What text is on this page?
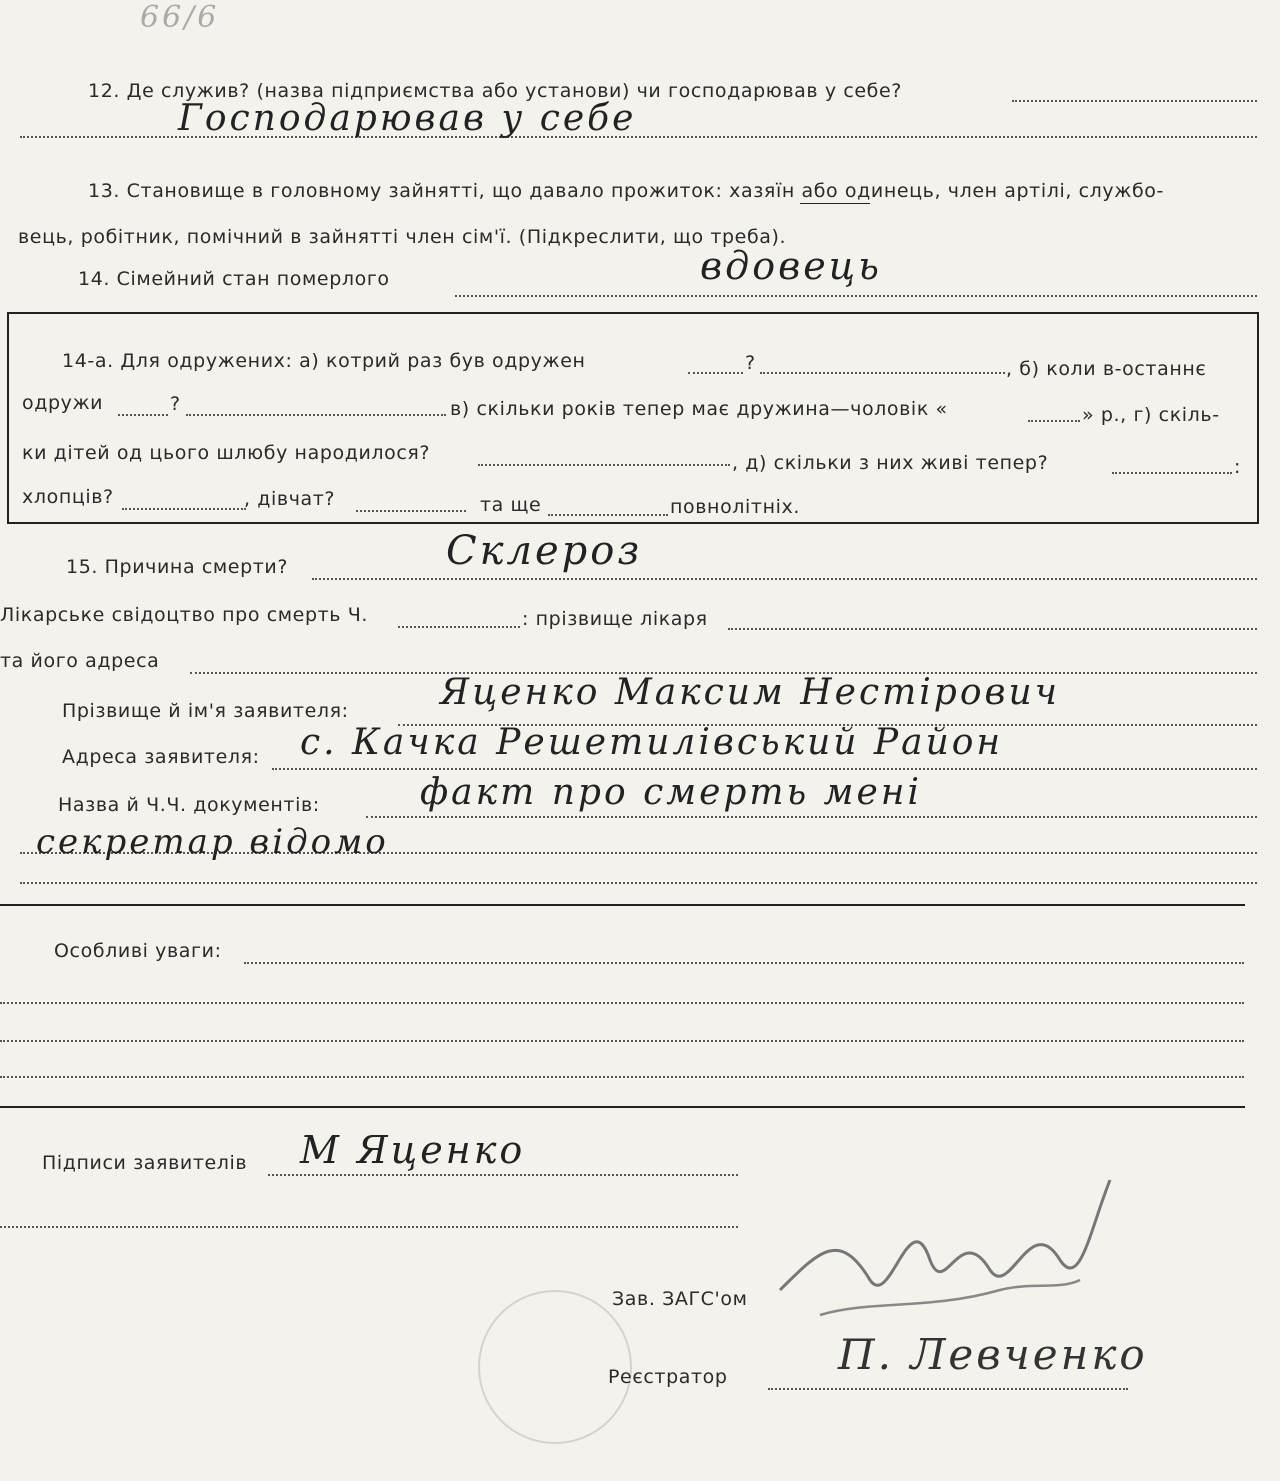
66/6
12. Де служив? (назва підприємства або установи) чи господарював у себе?
Господарював у себе
13. Становище в головному зайнятті, що давало прожиток: хазяїн або одинець, член артілі, службо-
вець, робітник, помічний в зайнятті член сім'ї. (Підкреслити, що треба).
14. Сімейний стан померлого	вдовець
14-а. Для одружених: а) котрий раз був одружен	?	, б) коли в-останнє
одружи	?	в) скільки років тепер має дружина—чоловік «	» р., г) скіль-
ки дітей од цього шлюбу народилося?	, д) скільки з них живі тепер?	:
хлопців?	, дівчат?	та ще	повнолітніх.
15. Причина смерти?	Склероз
Лікарське свідоцтво про смерть Ч.	: прізвище лікаря
та його адреса
Прізвище й ім'я заявителя:	Яценко Максим Нестірович
Адреса заявителя: с. Качка Решетилівський Район
Назва й Ч.Ч. документів:	факт про смерть мені
секретар відомо
Особливі уваги:
Підписи заявителів М Яценко
Зав. ЗАГС'ом
Реєстратор	П. Левченко
